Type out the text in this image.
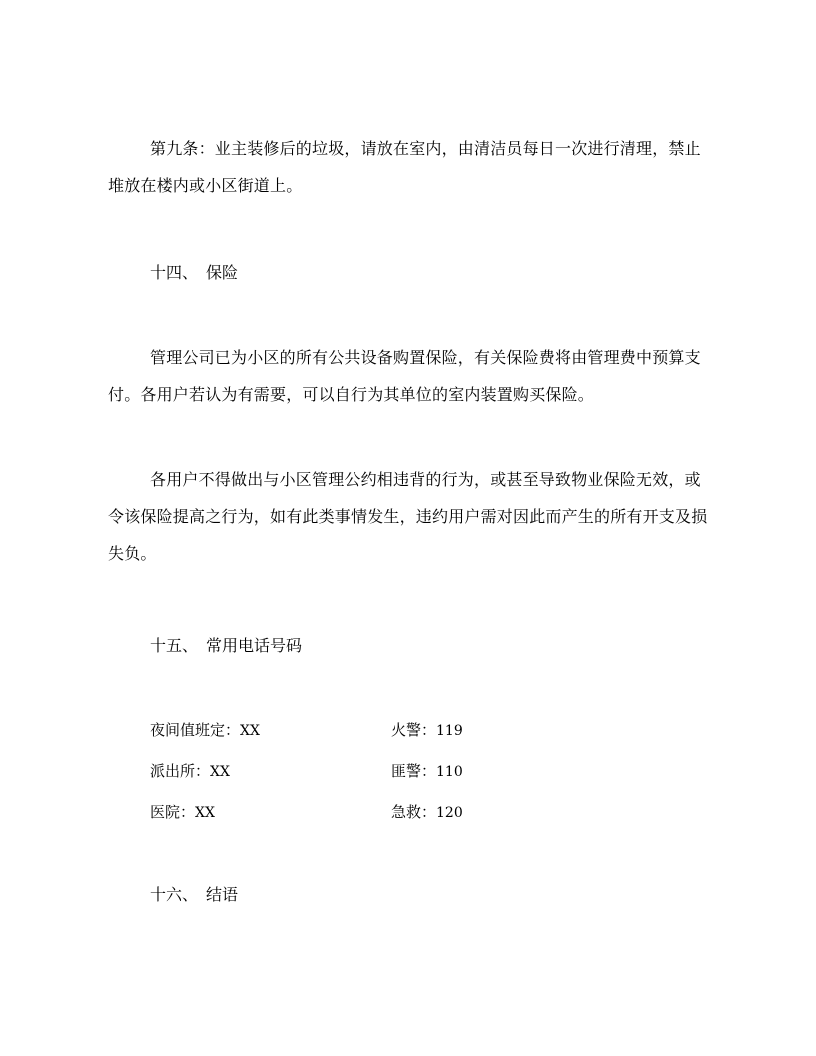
第九条：业主装修后的垃圾，请放在室内，由清洁员每日一次进行清理，禁止堆放在楼内或小区街道上。

十四、 保险

管理公司已为小区的所有公共设备购置保险，有关保险费将由管理费中预算支付。各用户若认为有需要，可以自行为其单位的室内装置购买保险。

各用户不得做出与小区管理公约相违背的行为，或甚至导致物业保险无效，或令该保险提高之行为，如有此类事情发生，违约用户需对因此而产生的所有开支及损失负。

十五、 常用电话号码

夜间值班定：XX	火警：119

派出所：XX	匪警：110

医院：XX	急救：120

十六、 结语
